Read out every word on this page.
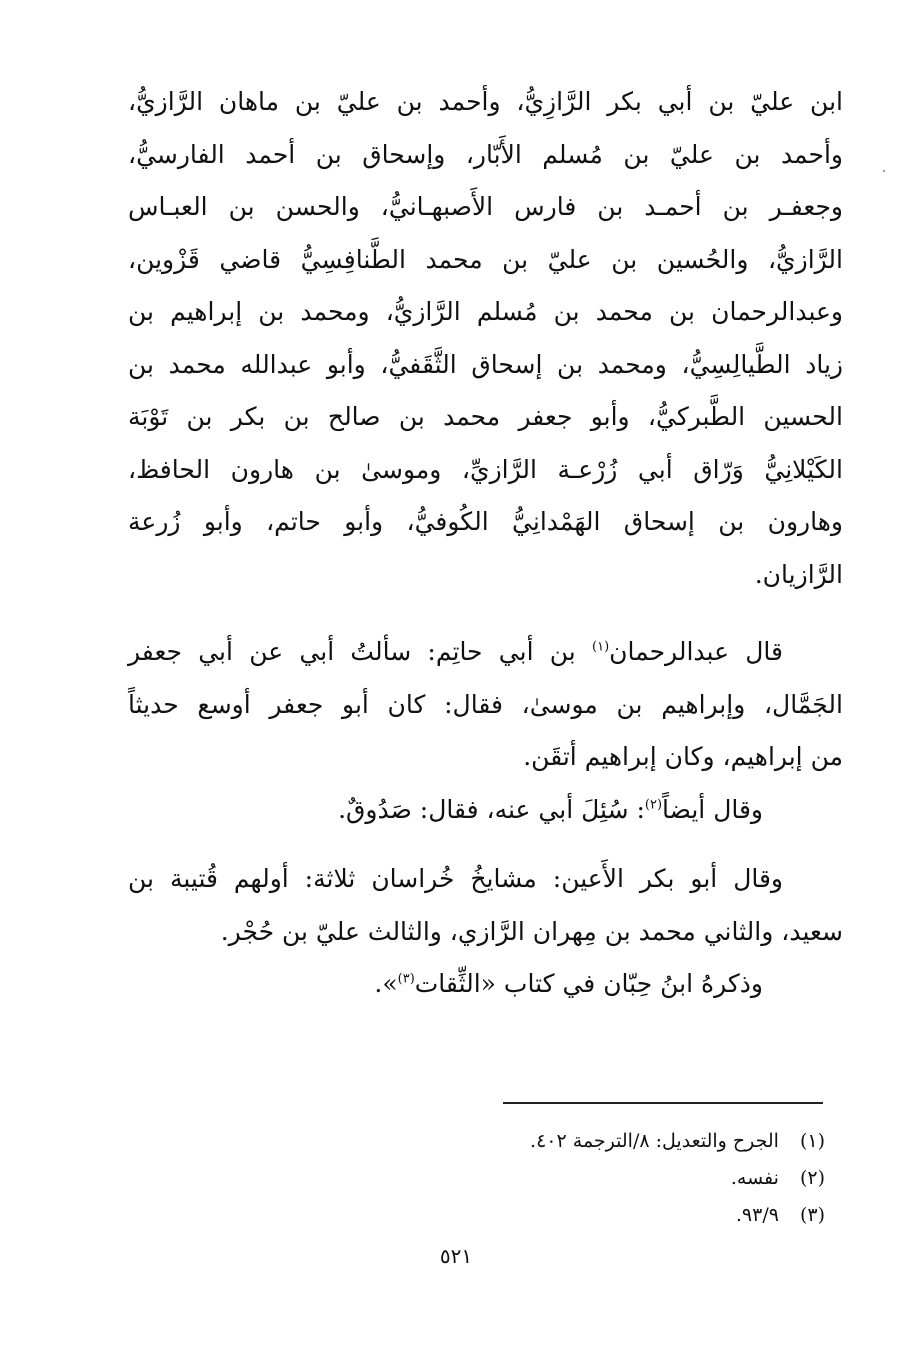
ابن عليّ بن أبي بكر الرَّازِيُّ، وأحمد بن عليّ بن ماهان الرَّازيُّ،
وأحمد بن عليّ بن مُسلم الأَبّار، وإسحاق بن أحمد الفارسيُّ،
وجعفـر بن أحمـد بن فارس الأَصبهـانيُّ، والحسن بن العبـاس
الرَّازيُّ، والحُسين بن عليّ بن محمد الطَّنافِسِيُّ قاضي قَزْوين،
وعبدالرحمان بن محمد بن مُسلم الرَّازيُّ، ومحمد بن إبراهيم بن
زياد الطَّيالِسِيُّ، ومحمد بن إسحاق الثَّقَفيُّ، وأبو عبدالله محمد بن
الحسين الطَّبركيُّ، وأبو جعفر محمد بن صالح بن بكر بن تَوْبَة
الكَيْلانِيُّ وَرّاق أبي زُرْعـة الرَّازيِّ، وموسىٰ بن هارون الحافظ،
وهارون بن إسحاق الهَمْدانِيُّ الكُوفيُّ، وأبو حاتم، وأبو زُرعة
الرَّازيان.
قال عبدالرحمان$^{(١)}$ بن أبي حاتِم: سألتُ أبي عن أبي جعفر
الجَمَّال، وإبراهيم بن موسىٰ، فقال: كان أبو جعفر أوسع حديثاً
من إبراهيم، وكان إبراهيم أتقَن.
وقال أيضاً$^{(٢)}$: سُئِلَ أبي عنه، فقال: صَدُوقٌ.
وقال أبو بكر الأَعين: مشايخُ خُراسان ثلاثة: أولهم قُتيبة بن
سعيد، والثاني محمد بن مِهران الرَّازي، والثالث عليّ بن حُجْر.
وذكرهُ ابنُ حِبّان في كتاب «الثِّقات$^{(٣)}$».
(١) الجرح والتعديل: ٨/الترجمة ٤٠٢.
(٢) نفسه.
(٣) ٩٣/٩.
٥٢١
